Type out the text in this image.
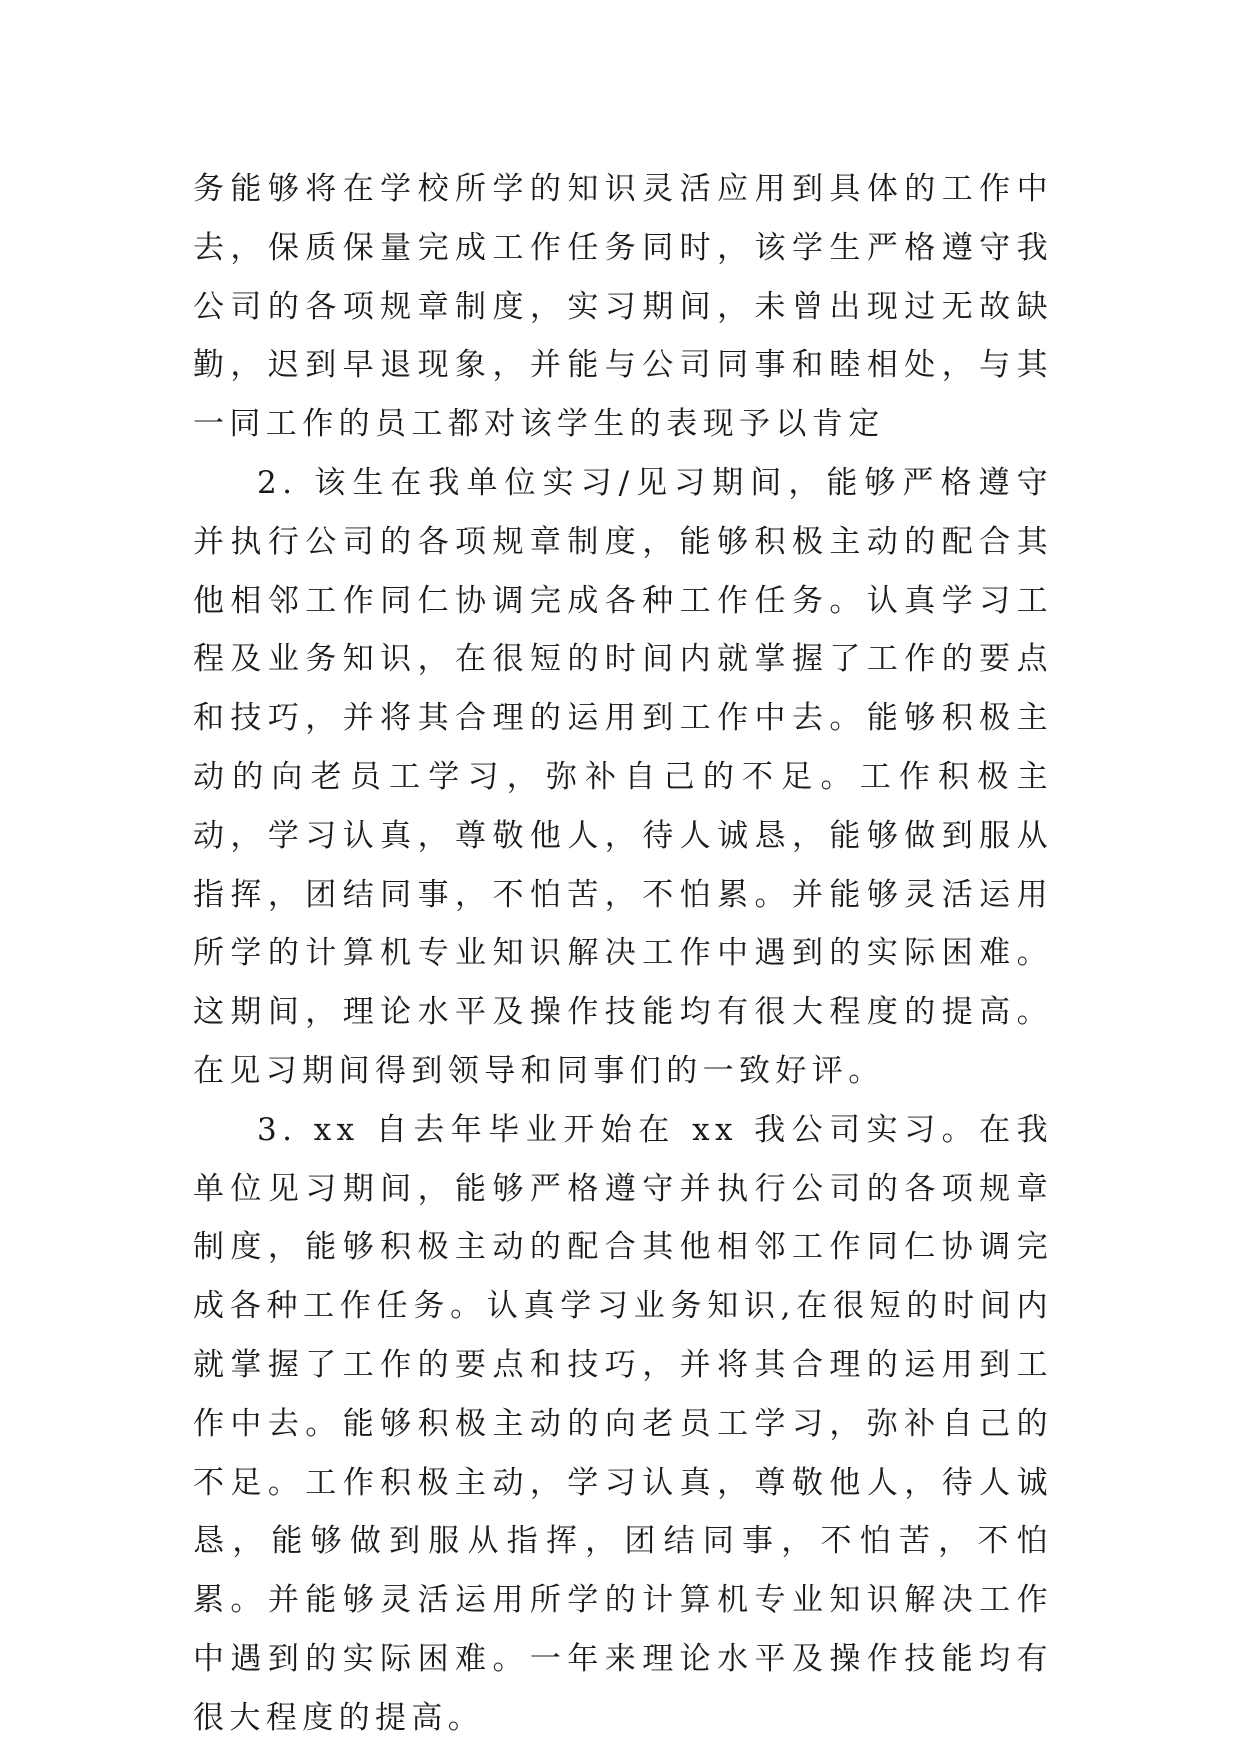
务能够将在学校所学的知识灵活应用到具体的工作中去，保质保量完成工作任务同时，该学生严格遵守我公司的各项规章制度，实习期间，未曾出现过无故缺勤，迟到早退现象，并能与公司同事和睦相处，与其一同工作的员工都对该学生的表现予以肯定

2. 该生在我单位实习/见习期间，能够严格遵守并执行公司的各项规章制度，能够积极主动的配合其他相邻工作同仁协调完成各种工作任务。认真学习工程及业务知识，在很短的时间内就掌握了工作的要点和技巧，并将其合理的运用到工作中去。能够积极主动的向老员工学习，弥补自己的不足。工作积极主动，学习认真，尊敬他人，待人诚恳，能够做到服从指挥，团结同事，不怕苦，不怕累。并能够灵活运用所学的计算机专业知识解决工作中遇到的实际困难。这期间，理论水平及操作技能均有很大程度的提高。在见习期间得到领导和同事们的一致好评。

3. xx 自去年毕业开始在 xx 我公司实习。在我单位见习期间，能够严格遵守并执行公司的各项规章制度，能够积极主动的配合其他相邻工作同仁协调完成各种工作任务。认真学习业务知识,在很短的时间内就掌握了工作的要点和技巧，并将其合理的运用到工作中去。能够积极主动的向老员工学习，弥补自己的不足。工作积极主动，学习认真，尊敬他人，待人诚恳，能够做到服从指挥，团结同事，不怕苦，不怕累。并能够灵活运用所学的计算机专业知识解决工作中遇到的实际困难。一年来理论水平及操作技能均有很大程度的提高。
